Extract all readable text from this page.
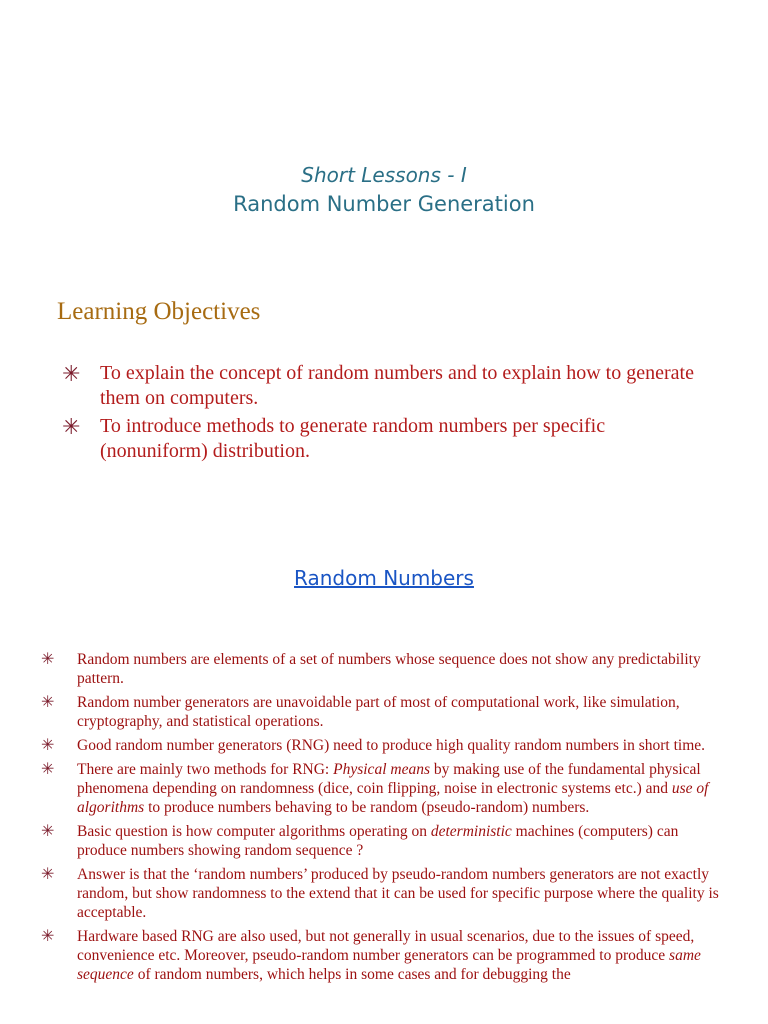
Short Lessons - I
Random Number Generation
Learning Objectives
✳ To explain the concept of random numbers and to explain how to generate them on computers.
✳ To introduce methods to generate random numbers per specific (nonuniform) distribution.
Random Numbers
✳ Random numbers are elements of a set of numbers whose sequence does not show any predictability pattern.
✳ Random number generators are unavoidable part of most of computational work, like simulation, cryptography, and statistical operations.
✳ Good random number generators (RNG) need to produce high quality random numbers in short time.
✳ There are mainly two methods for RNG: Physical means by making use of the fundamental physical phenomena depending on randomness (dice, coin flipping, noise in electronic systems etc.) and use of algorithms to produce numbers behaving to be random (pseudo-random) numbers.
✳ Basic question is how computer algorithms operating on deterministic machines (computers) can produce numbers showing random sequence ?
✳ Answer is that the ‘random numbers’ produced by pseudo-random numbers generators are not exactly random, but show randomness to the extend that it can be used for specific purpose where the quality is acceptable.
✳ Hardware based RNG are also used, but not generally in usual scenarios, due to the issues of speed, convenience etc. Moreover, pseudo-random number generators can be programmed to produce same sequence of random numbers, which helps in some cases and for debugging the
